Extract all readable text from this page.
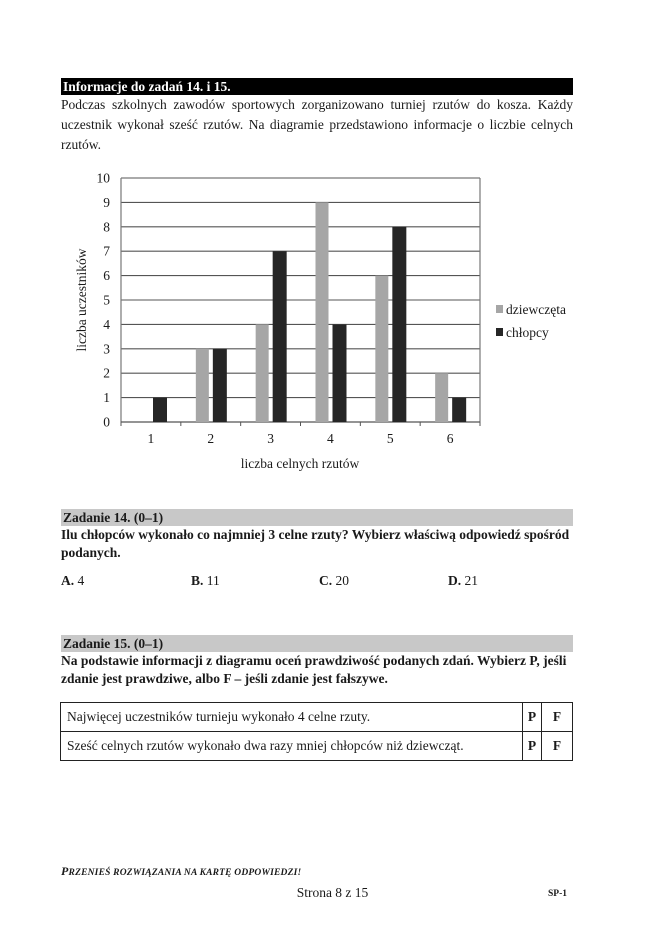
Informacje do zadań 14. i 15.
Podczas szkolnych zawodów sportowych zorganizowano turniej rzutów do kosza. Każdy uczestnik wykonał sześć rzutów. Na diagramie przedstawiono informacje o liczbie celnych rzutów.
0
1
2
3
4
5
6
7
8
9
10
1	2	3	4	5	6
liczba uczestników
liczba celnych rzutów
dziewczęta
chłopcy
Zadanie 14. (0–1)
Ilu chłopców wykonało co najmniej 3 celne rzuty? Wybierz właściwą odpowiedź spośród podanych.
A. 4	B. 11	C. 20	D. 21
Zadanie 15. (0–1)
Na podstawie informacji z diagramu oceń prawdziwość podanych zdań. Wybierz P, jeśli zdanie jest prawdziwe, albo F – jeśli zdanie jest fałszywe.
Najwięcej uczestników turnieju wykonało 4 celne rzuty.	P	F
Sześć celnych rzutów wykonało dwa razy mniej chłopców niż dziewcząt.	P	F
PRZENIEŚ ROZWIĄZANIA NA KARTĘ ODPOWIEDZI!
Strona 8 z 15	SP-1
